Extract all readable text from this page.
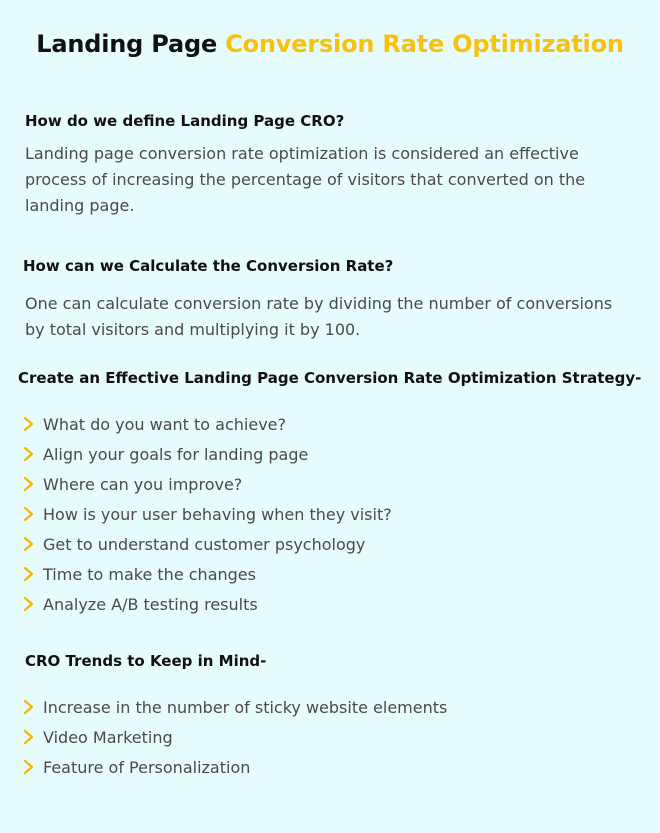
Landing Page Conversion Rate Optimization
How do we define Landing Page CRO?

Landing page conversion rate optimization is considered an effective process of increasing the percentage of visitors that converted on the landing page.

How can we Calculate the Conversion Rate?

One can calculate conversion rate by dividing the number of conversions by total visitors and multiplying it by 100.

Create an Effective Landing Page Conversion Rate Optimization Strategy-
What do you want to achieve?
Align your goals for landing page
Where can you improve?
How is your user behaving when they visit?
Get to understand customer psychology
Time to make the changes
Analyze A/B testing results
CRO Trends to Keep in Mind-
Increase in the number of sticky website elements
Video Marketing
Feature of Personalization
